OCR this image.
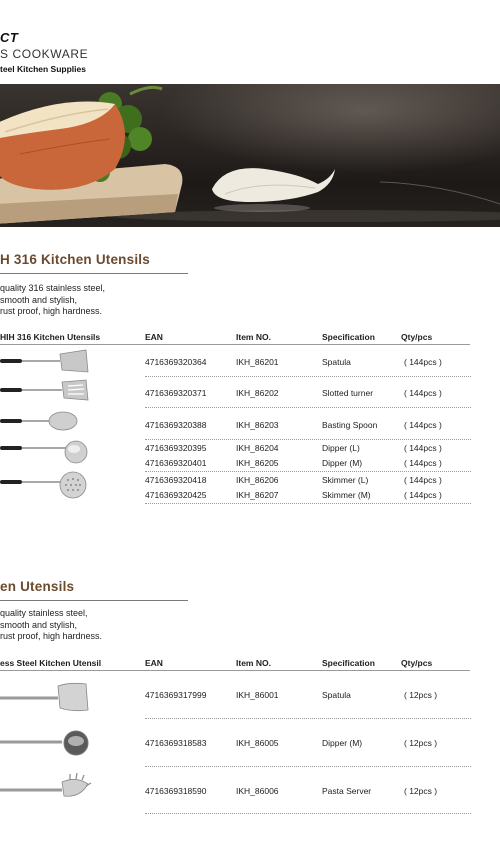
CT
S COOKWARE
teel Kitchen Supplies
H 316 Kitchen Utensils
quality 316 stainless steel,
smooth and stylish,
rust proof, high hardness.
HIH 316 Kitchen Utensils	EAN	Item NO.	Specification	Qty/pcs
4716369320364	IKH_86201	Spatula	( 144pcs )
4716369320371	IKH_86202	Slotted turner	( 144pcs )
4716369320388	IKH_86203	Basting Spoon	( 144pcs )
4716369320395	IKH_86204	Dipper (L)	( 144pcs )
4716369320401	IKH_86205	Dipper (M)	( 144pcs )
4716369320418	IKH_86206	Skimmer (L)	( 144pcs )
4716369320425	IKH_86207	Skimmer (M)	( 144pcs )
en Utensils
quality stainless steel,
smooth and stylish,
rust proof, high hardness.
ess Steel Kitchen Utensil	EAN	Item NO.	Specification	Qty/pcs
4716369317999	IKH_86001	Spatula	( 12pcs )
4716369318583	IKH_86005	Dipper (M)	( 12pcs )
4716369318590	IKH_86006	Pasta Server	( 12pcs )
